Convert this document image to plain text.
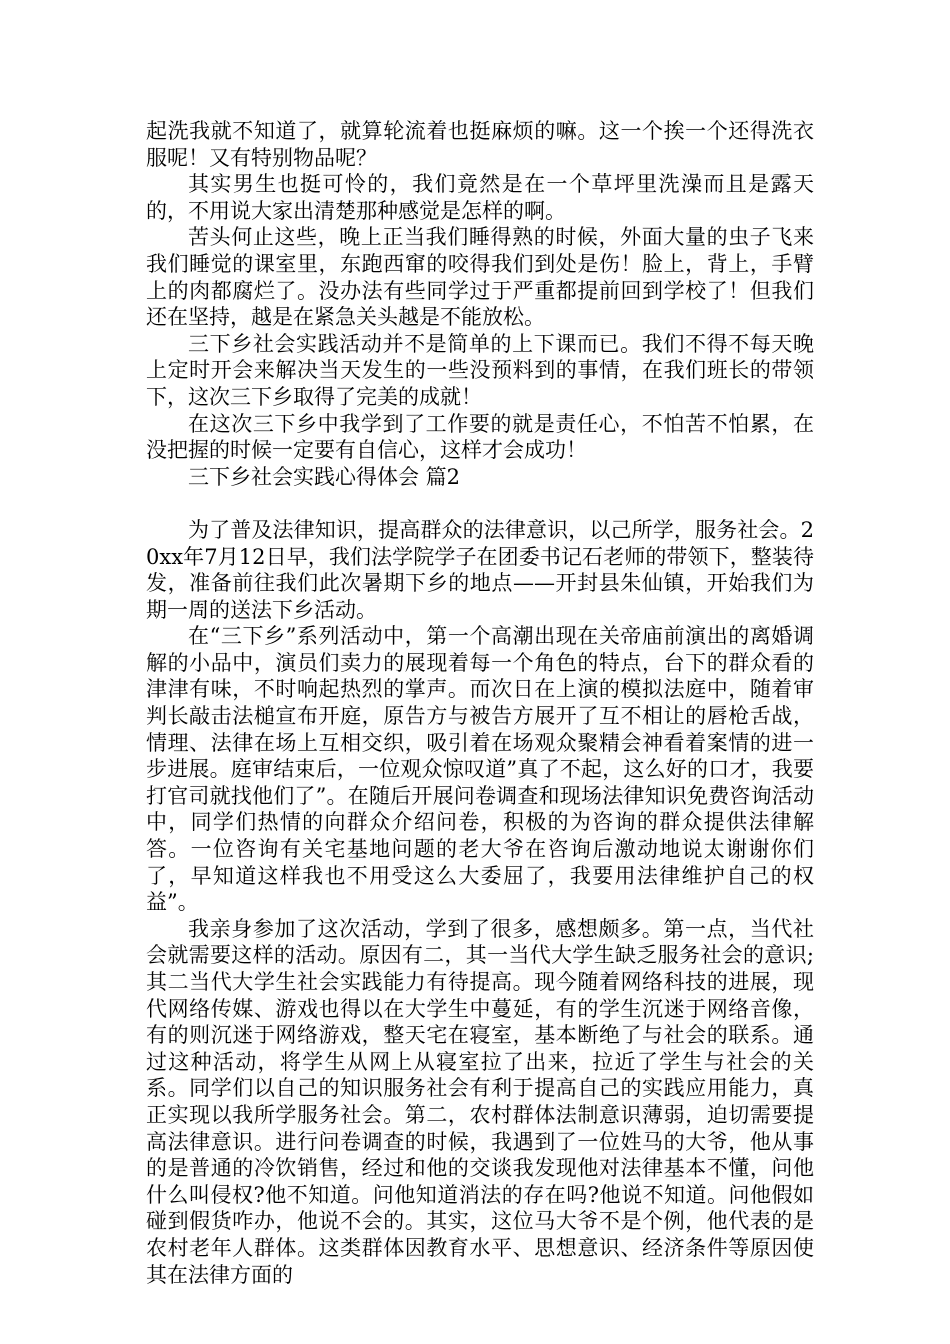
起洗我就不知道了，就算轮流着也挺麻烦的嘛。这一个挨一个还得洗衣服呢！又有特别物品呢？

其实男生也挺可怜的，我们竟然是在一个草坪里洗澡而且是露天的，不用说大家出清楚那种感觉是怎样的啊。

苦头何止这些，晚上正当我们睡得熟的时候，外面大量的虫子飞来我们睡觉的课室里，东跑西窜的咬得我们到处是伤！脸上，背上，手臂上的肉都腐烂了。没办法有些同学过于严重都提前回到学校了！但我们还在坚持，越是在紧急关头越是不能放松。

三下乡社会实践活动并不是简单的上下课而已。我们不得不每天晚上定时开会来解决当天发生的一些没预料到的事情，在我们班长的带领下，这次三下乡取得了完美的成就！

在这次三下乡中我学到了工作要的就是责任心，不怕苦不怕累，在没把握的时候一定要有自信心，这样才会成功！

三下乡社会实践心得体会 篇2

为了普及法律知识，提高群众的法律意识，以己所学，服务社会。20xx年7月12日早，我们法学院学子在团委书记石老师的带领下，整装待发，准备前往我们此次暑期下乡的地点——开封县朱仙镇，开始我们为期一周的送法下乡活动。

在“三下乡”系列活动中，第一个高潮出现在关帝庙前演出的离婚调解的小品中，演员们卖力的展现着每一个角色的特点，台下的群众看的津津有味，不时响起热烈的掌声。而次日在上演的模拟法庭中，随着审判长敲击法槌宣布开庭，原告方与被告方展开了互不相让的唇枪舌战，情理、法律在场上互相交织，吸引着在场观众聚精会神看着案情的进一步进展。庭审结束后，一位观众惊叹道”真了不起，这么好的口才，我要打官司就找他们了”。在随后开展问卷调查和现场法律知识免费咨询活动中，同学们热情的向群众介绍问卷，积极的为咨询的群众提供法律解答。一位咨询有关宅基地问题的老大爷在咨询后激动地说太谢谢你们了，早知道这样我也不用受这么大委屈了，我要用法律维护自己的权益”。

我亲身参加了这次活动，学到了很多，感想颇多。第一点，当代社会就需要这样的活动。原因有二，其一当代大学生缺乏服务社会的意识;其二当代大学生社会实践能力有待提高。现今随着网络科技的进展，现代网络传媒、游戏也得以在大学生中蔓延，有的学生沉迷于网络音像，有的则沉迷于网络游戏，整天宅在寝室，基本断绝了与社会的联系。通过这种活动，将学生从网上从寝室拉了出来，拉近了学生与社会的关系。同学们以自己的知识服务社会有利于提高自己的实践应用能力，真正实现以我所学服务社会。第二，农村群体法制意识薄弱，迫切需要提高法律意识。进行问卷调查的时候，我遇到了一位姓马的大爷，他从事的是普通的冷饮销售，经过和他的交谈我发现他对法律基本不懂，问他什么叫侵权?他不知道。问他知道消法的存在吗?他说不知道。问他假如碰到假货咋办，他说不会的。其实，这位马大爷不是个例，他代表的是农村老年人群体。这类群体因教育水平、思想意识、经济条件等原因使其在法律方面的
